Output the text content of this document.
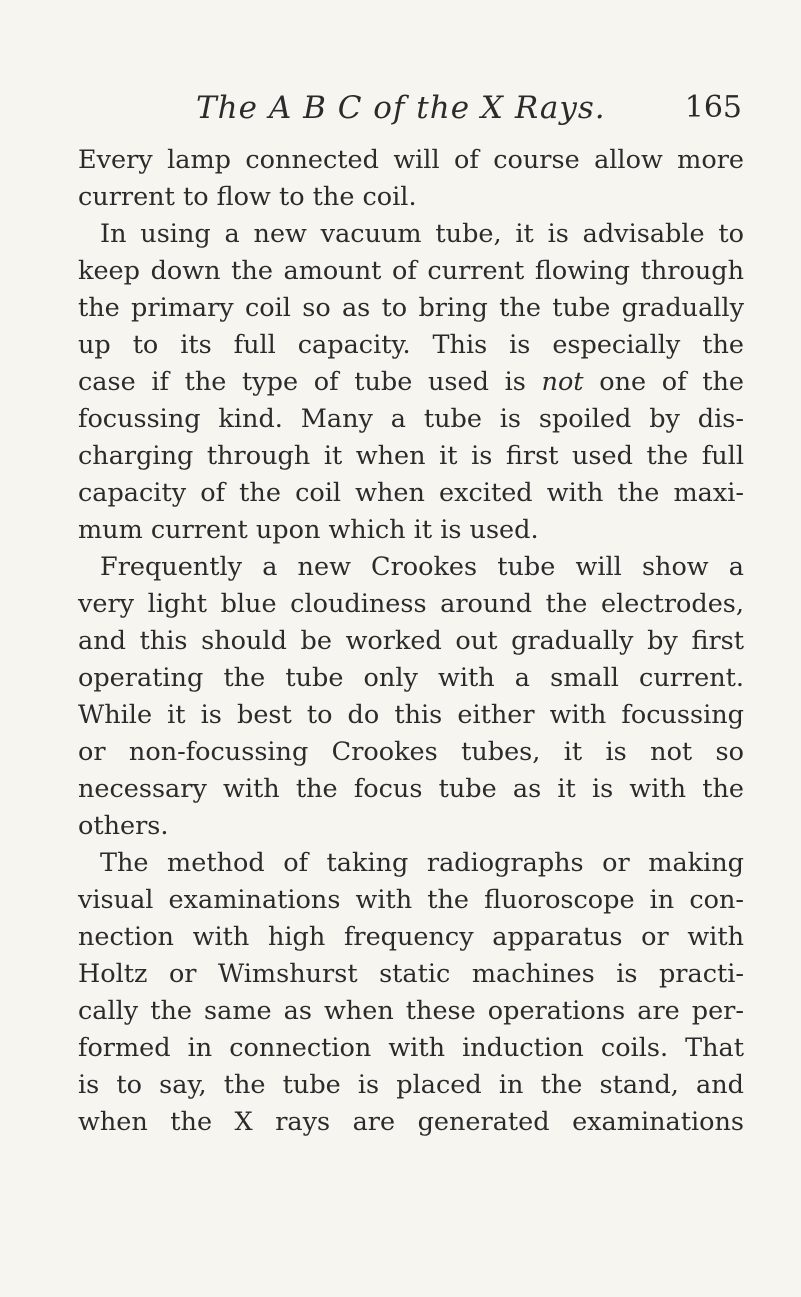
The A B C of the X Rays.	165
Every lamp connected will of course allow more
current to flow to the coil.
In using a new vacuum tube, it is advisable to
keep down the amount of current flowing through
the primary coil so as to bring the tube gradually
up to its full capacity. This is especially the
case if the type of tube used is not one of the
focussing kind. Many a tube is spoiled by dis-
charging through it when it is first used the full
capacity of the coil when excited with the maxi-
mum current upon which it is used.
Frequently a new Crookes tube will show a
very light blue cloudiness around the electrodes,
and this should be worked out gradually by first
operating the tube only with a small current.
While it is best to do this either with focussing
or non-focussing Crookes tubes, it is not so
necessary with the focus tube as it is with the
others.
The method of taking radiographs or making
visual examinations with the fluoroscope in con-
nection with high frequency apparatus or with
Holtz or Wimshurst static machines is practi-
cally the same as when these operations are per-
formed in connection with induction coils. That
is to say, the tube is placed in the stand, and
when the X rays are generated examinations
